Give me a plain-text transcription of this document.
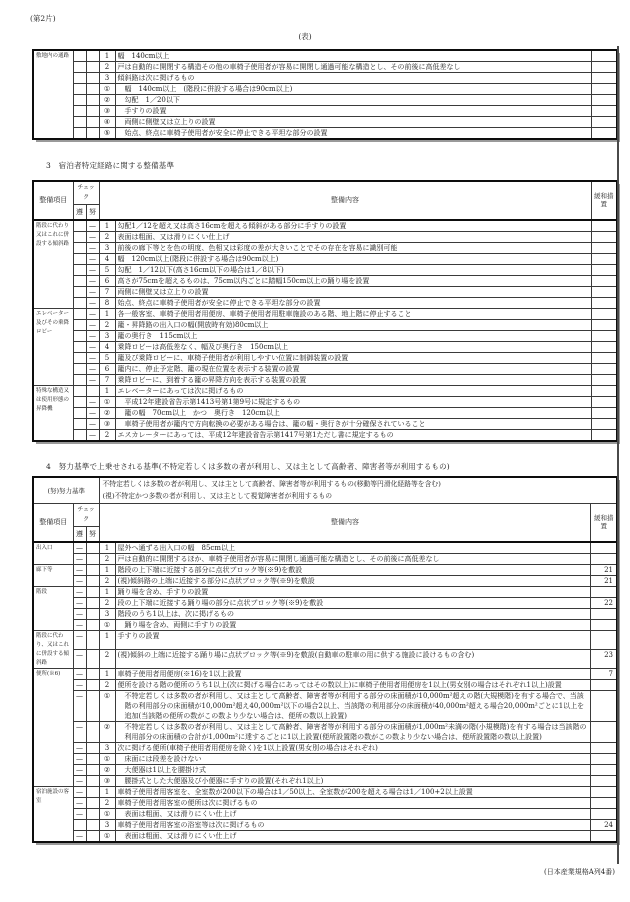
(第2片)
(表)
敷地内の通路			1	幅　140cm以上	
			2	戸は自動的に開閉する構造その他の車椅子使用者が容易に開閉し通過可能な構造とし、その前後に高低差なし	
			3	傾斜路は次に掲げるもの	
			①	幅　140cm以上　(階段に併設する場合は90cm以上)	
			②	勾配　1／20以下	
			③	手すりの設置	
			④	両側に側壁又は立上りの設置	
			⑤	始点、終点に車椅子使用者が安全に停止できる平坦な部分の設置	
3　宿泊者特定経路に関する整備基準
整備項目	チェック		整備内容		緩和措置
	遵	努			
階段に代わり又はこれに併設する傾斜路		—	1	勾配1／12を超え又は高さ16cmを超える傾斜がある部分に手すりの設置	
		—	2	表面は粗面、又は滑りにくい仕上げ	
		—	3	前後の廊下等とを色の明度、色相又は彩度の差が大きいことでその存在を容易に識別可能	
		—	4	幅　120cm以上(階段に併設する場合は90cm以上)	
		—	5	勾配　1／12以下(高さ16cm以下の場合は1／8以下)	
		—	6	高さが75cmを超えるものは、75cm以内ごとに踏幅150cm以上の踊り場を設置	
		—	7	両側に側壁又は立上りの設置	
		—	8	始点、終点に車椅子使用者が安全に停止できる平坦な部分の設置	
エレベーター及びその乗降ロビー		—	1	各一般客室、車椅子使用者用便房、車椅子使用者用駐車施設のある階、地上階に停止すること	
		—	2	籠・昇降路の出入口の幅(開放時有効)80cm以上	
		—	3	籠の奥行き　115cm以上	
		—	4	乗降ロビーは高低差なく、幅及び奥行き　150cm以上	
		—	5	籠及び乗降ロビーに、車椅子使用者が利用しやすい位置に制御装置の設置	
		—	6	籠内に、停止予定階、籠の現在位置を表示する装置の設置	
		—	7	乗降ロビーに、到着する籠の昇降方向を表示する装置の設置	
特殊な構造又は使用形態の昇降機			1	エレベーターにあっては次に掲げるもの	
		—	①	平成12年建設省告示第1413号第1第9号に規定するもの	
		—	②	籠の幅　70cm以上　かつ　奥行き　120cm以上	
		—	③	車椅子使用者が籠内で方向転換の必要がある場合は、籠の幅・奥行きが十分確保されていること	
		—	2	エスカレーターにあっては、平成12年建設省告示第1417号第1ただし書に規定するもの	
4　努力基準で上乗せされる基準(不特定若しくは多数の者が利用し、又は主として高齢者、障害者等が利用するもの)
(努)努力基準			不特定若しくは多数の者が利用し、又は主として高齢者、障害者等が利用するもの(移動等円滑化経路等を含む)
(視)不特定かつ多数の者が利用し、又は主として視覚障害者が利用するもの		
整備項目	チェック		整備内容		緩和措置
	遵	努			
出入口	—		1	屋外へ通ずる出入口の幅　85cm以上	
	—		2	戸は自動的に開閉するほか、車椅子使用者が容易に開閉し通過可能な構造とし、その前後に高低差なし	
廊下等	—		1	階段の上下端に近接する部分に点状ブロック等(※9)を敷設	21
	—		2	(視)傾斜路の上端に近接する部分に点状ブロック等(※9)を敷設	21
階段	—		1	踊り場を含め、手すりの設置	
	—		2	段の上下端に近接する踊り場の部分に点状ブロック等(※9)を敷設	22
	—		3	階段のうち1以上は、次に掲げるもの	
	—		①	踊り場を含め、両側に手すりの設置	
階段に代わり、又はこれに併設する傾斜路	—		1	手すりの設置	
	—		2	(視)傾斜の上端に近接する踊り場に点状ブロック等(※9)を敷設(自動車の駐車の用に供する施設に設けるもの含む)	23
便所(※6)	—		1	車椅子使用者用便房(※16)を1以上設置	7
	—		2	便所を設ける階の便所のうち1以上(次に掲げる場合にあってはその数以上)に車椅子使用者用便房を1以上(男女別の場合はそれぞれ1以上)設置	
	—		①	不特定若しくは多数の者が利用し、又は主として高齢者、障害者等が利用する部分の床面積が10,000m²超えの階(大規模階)を有する場合で、当該階の利用部分の床面積が10,000m²超え40,000m²以下の場合2以上、当該階の利用部分の床面積が40,000m²超える場合20,000m²ごとに1以上を追加(当該階の便所の数がこの数より少ない場合は、便所の数以上設置)	
	—		②	不特定若しくは多数の者が利用し、又は主として高齢者、障害者等が利用する部分の床面積が1,000m²未満の階(小規模階)を有する場合は当該階の利用部分の床面積の合計が1,000m²に達するごとに1以上設置(便所設置階の数がこの数より少ない場合は、便所設置階の数以上設置)	
	—		3	次に掲げる便所(車椅子使用者用便房を除く)を1以上設置(男女別の場合はそれぞれ)	
	—		①	床面には段差を設けない	
	—		②	大便器は1以上を腰掛け式	
	—		③	腰掛式とした大便器及び小便器に手すりの設置(それぞれ1以上)	
宿泊施設の客室	—		1	車椅子使用者用客室を、全室数が200以下の場合は1／50以上、全室数が200を超える場合は1／100+2以上設置	
	—		2	車椅子使用者用客室の便所は次に掲げるもの	
	—		①	表面は粗面、又は滑りにくい仕上げ	
			3	車椅子使用者用客室の浴室等は次に掲げるもの	24
	—		①	表面は粗面、又は滑りにくい仕上げ	
(日本産業規格A列4番)
